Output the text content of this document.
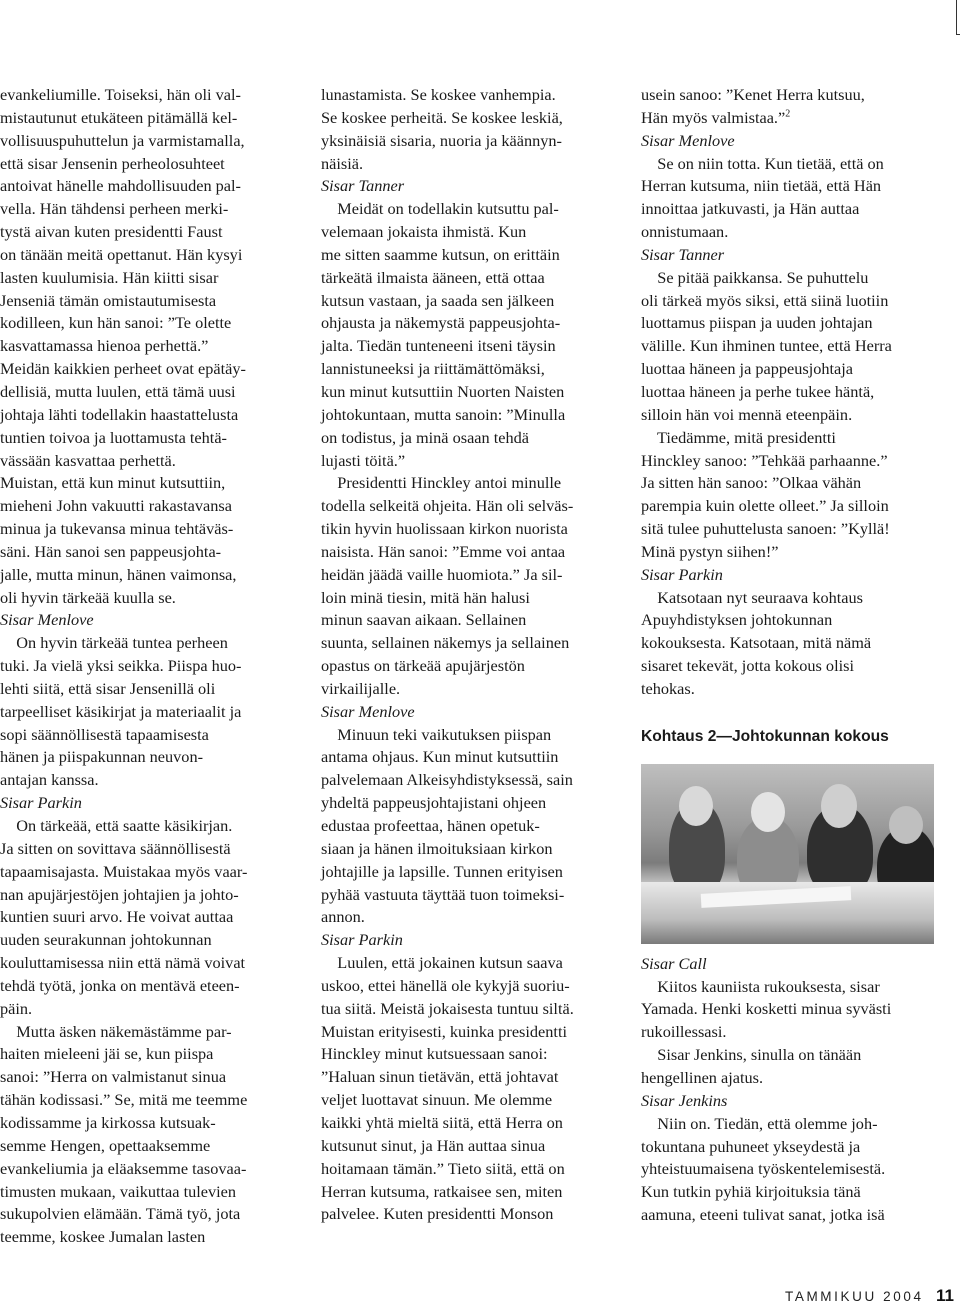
evankeliumille. Toiseksi, hän oli val-

mistautunut etukäteen pitämällä kel-

vollisuuspuhuttelun ja varmistamalla,

että sisar Jensenin perheolosuhteet

antoivat hänelle mahdollisuuden pal-

vella. Hän tähdensi perheen merki-

tystä aivan kuten presidentti Faust

on tänään meitä opettanut. Hän kysyi

lasten kuulumisia. Hän kiitti sisar

Jenseniä tämän omistautumisesta

kodilleen, kun hän sanoi: ”Te olette

kasvattamassa hienoa perhettä.”

Meidän kaikkien perheet ovat epätäy-

dellisiä, mutta luulen, että tämä uusi

johtaja lähti todellakin haastattelusta

tuntien toivoa ja luottamusta tehtä-

vässään kasvattaa perhettä.

Muistan, että kun minut kutsuttiin,

mieheni John vakuutti rakastavansa

minua ja tukevansa minua tehtäväs-

säni. Hän sanoi sen pappeusjohta-

jalle, mutta minun, hänen vaimonsa,

oli hyvin tärkeää kuulla se.

Sisar Menlove

On hyvin tärkeää tuntea perheen

tuki. Ja vielä yksi seikka. Piispa huo-

lehti siitä, että sisar Jensenillä oli

tarpeelliset käsikirjat ja materiaalit ja

sopi säännöllisestä tapaamisesta

hänen ja piispakunnan neuvon-

antajan kanssa.

Sisar Parkin

On tärkeää, että saatte käsikirjan.

Ja sitten on sovittava säännöllisestä

tapaamisajasta. Muistakaa myös vaar-

nan apujärjestöjen johtajien ja johto-

kuntien suuri arvo. He voivat auttaa

uuden seurakunnan johtokunnan

kouluttamisessa niin että nämä voivat

tehdä työtä, jonka on mentävä eteen-

päin.

Mutta äsken näkemästämme par-

haiten mieleeni jäi se, kun piispa

sanoi: ”Herra on valmistanut sinua

tähän kodissasi.” Se, mitä me teemme

kodissamme ja kirkossa kutsuak-

semme Hengen, opettaaksemme

evankeliumia ja eläaksemme tasovaa-

timusten mukaan, vaikuttaa tulevien

sukupolvien elämään. Tämä työ, jota

teemme, koskee Jumalan lasten

lunastamista. Se koskee vanhempia.

Se koskee perheitä. Se koskee leskiä,

yksinäisiä sisaria, nuoria ja käännyn-

näisiä.

Sisar Tanner

Meidät on todellakin kutsuttu pal-

velemaan jokaista ihmistä. Kun

me sitten saamme kutsun, on erittäin

tärkeätä ilmaista ääneen, että ottaa

kutsun vastaan, ja saada sen jälkeen

ohjausta ja näkemystä pappeusjohta-

jalta. Tiedän tunteneeni itseni täysin

lannistuneeksi ja riittämättömäksi,

kun minut kutsuttiin Nuorten Naisten

johtokuntaan, mutta sanoin: ”Minulla

on todistus, ja minä osaan tehdä

lujasti töitä.”

Presidentti Hinckley antoi minulle

todella selkeitä ohjeita. Hän oli selväs-

tikin hyvin huolissaan kirkon nuorista

naisista. Hän sanoi: ”Emme voi antaa

heidän jäädä vaille huomiota.” Ja sil-

loin minä tiesin, mitä hän halusi

minun saavan aikaan. Sellainen

suunta, sellainen näkemys ja sellainen

opastus on tärkeää apujärjestön

virkailijalle.

Sisar Menlove

Minuun teki vaikutuksen piispan

antama ohjaus. Kun minut kutsuttiin

palvelemaan Alkeisyhdistyksessä, sain

yhdeltä pappeusjohtajistani ohjeen

edustaa profeettaa, hänen opetuk-

siaan ja hänen ilmoituksiaan kirkon

johtajille ja lapsille. Tunnen erityisen

pyhää vastuuta täyttää tuon toimeksi-

annon.

Sisar Parkin

Luulen, että jokainen kutsun saava

uskoo, ettei hänellä ole kykyjä suoriu-

tua siitä. Meistä jokaisesta tuntuu siltä.

Muistan erityisesti, kuinka presidentti

Hinckley minut kutsuessaan sanoi:

”Haluan sinun tietävän, että johtavat

veljet luottavat sinuun. Me olemme

kaikki yhtä mieltä siitä, että Herra on

kutsunut sinut, ja Hän auttaa sinua

hoitamaan tämän.” Tieto siitä, että on

Herran kutsuma, ratkaisee sen, miten

palvelee. Kuten presidentti Monson

usein sanoo: ”Kenet Herra kutsuu,

Hän myös valmistaa.”$^2$

Sisar Menlove

Se on niin totta. Kun tietää, että on

Herran kutsuma, niin tietää, että Hän

innoittaa jatkuvasti, ja Hän auttaa

onnistumaan.

Sisar Tanner

Se pitää paikkansa. Se puhuttelu

oli tärkeä myös siksi, että siinä luotiin

luottamus piispan ja uuden johtajan

välille. Kun ihminen tuntee, että Herra

luottaa häneen ja pappeusjohtaja

luottaa häneen ja perhe tukee häntä,

silloin hän voi mennä eteenpäin.

Tiedämme, mitä presidentti

Hinckley sanoo: ”Tehkää parhaanne.”

Ja sitten hän sanoo: ”Olkaa vähän

parempia kuin olette olleet.” Ja silloin

sitä tulee puhuttelusta sanoen: ”Kyllä!

Minä pystyn siihen!”

Sisar Parkin

Katsotaan nyt seuraava kohtaus

Apuyhdistyksen johtokunnan

kokouksesta. Katsotaan, mitä nämä

sisaret tekevät, jotta kokous olisi

tehokas.

Kohtaus 2—Johtokunnan kokous

Sisar Call

Kiitos kauniista rukouksesta, sisar

Yamada. Henki kosketti minua syvästi

rukoillessasi.

Sisar Jenkins, sinulla on tänään

hengellinen ajatus.

Sisar Jenkins

Niin on. Tiedän, että olemme joh-

tokuntana puhuneet ykseydestä ja

yhteistuumaisena työskentelemisestä.

Kun tutkin pyhiä kirjoituksia tänä

aamuna, eteeni tulivat sanat, jotka isä

TAMMIKUU 2004 11
